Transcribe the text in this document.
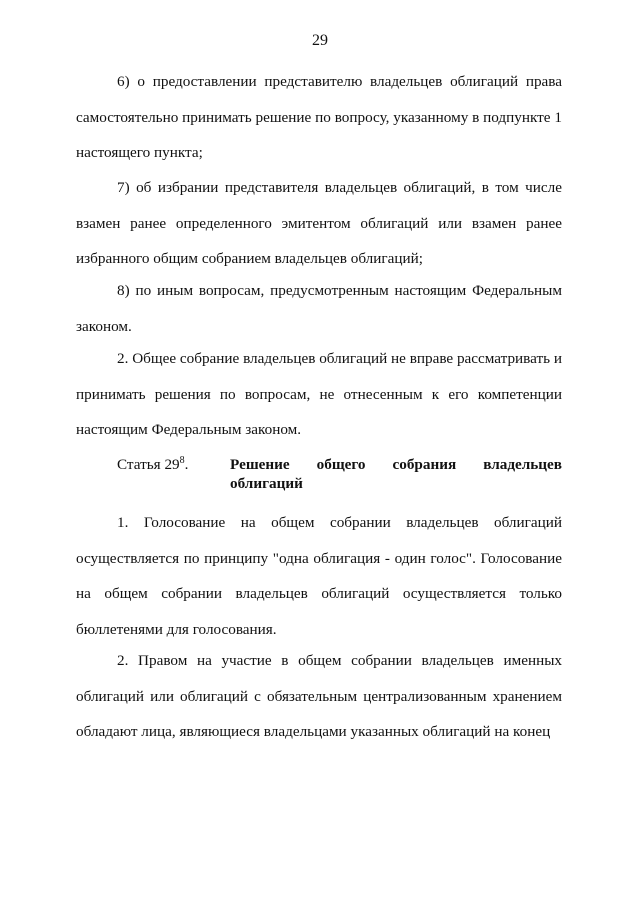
29

6) о предоставлении представителю владельцев облигаций права самостоятельно принимать решение по вопросу, указанному в подпункте 1 настоящего пункта;

7) об избрании представителя владельцев облигаций, в том числе взамен ранее определенного эмитентом облигаций или взамен ранее избранного общим собранием владельцев облигаций;

8) по иным вопросам, предусмотренным настоящим Федеральным законом.

2. Общее собрание владельцев облигаций не вправе рассматривать и принимать решения по вопросам, не отнесенным к его компетенции настоящим Федеральным законом.

Статья $29^8$.	Решение общего собрания владельцев
облигаций

1. Голосование на общем собрании владельцев облигаций осуществляется по принципу "одна облигация - один голос". Голосование на общем собрании владельцев облигаций осуществляется только бюллетенями для голосования.

2. Правом на участие в общем собрании владельцев именных облигаций или облигаций с обязательным централизованным хранением обладают лица, являющиеся владельцами указанных облигаций на конец
